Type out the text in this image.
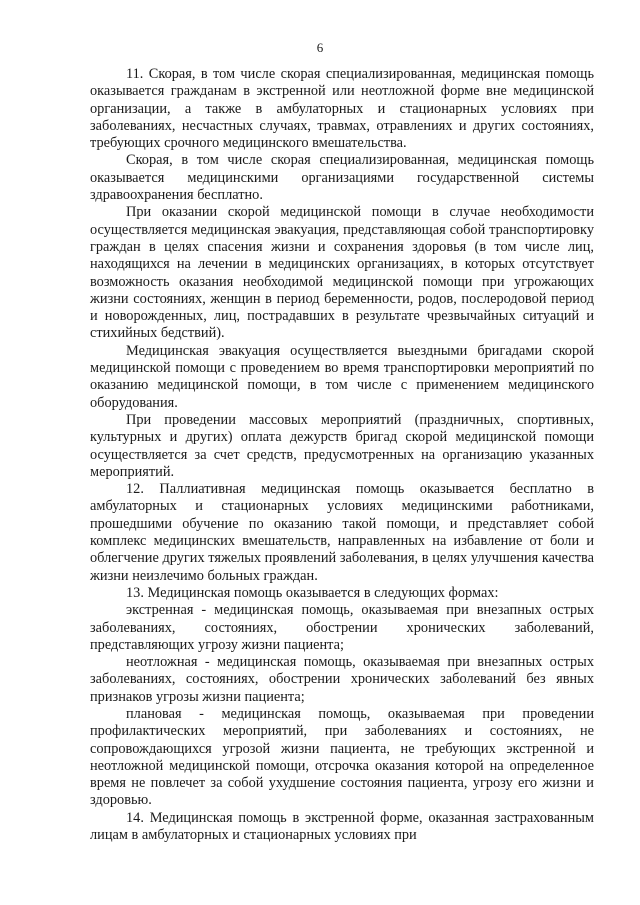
6

11. Скорая, в том числе скорая специализированная, медицинская помощь оказывается гражданам в экстренной или неотложной форме вне медицинской организации, а также в амбулаторных и стационарных условиях при заболеваниях, несчастных случаях, травмах, отравлениях и других состояниях, требующих срочного медицинского вмешательства.

Скорая, в том числе скорая специализированная, медицинская помощь оказывается медицинскими организациями государственной системы здравоохранения бесплатно.

При оказании скорой медицинской помощи в случае необходимости осуществляется медицинская эвакуация, представляющая собой транспортировку граждан в целях спасения жизни и сохранения здоровья (в том числе лиц, находящихся на лечении в медицинских организациях, в которых отсутствует возможность оказания необходимой медицинской помощи при угрожающих жизни состояниях, женщин в период беременности, родов, послеродовой период и новорожденных, лиц, пострадавших в результате чрезвычайных ситуаций и стихийных бедствий).

Медицинская эвакуация осуществляется выездными бригадами скорой медицинской помощи с проведением во время транспортировки мероприятий по оказанию медицинской помощи, в том числе с применением медицинского оборудования.

При проведении массовых мероприятий (праздничных, спортивных, культурных и других) оплата дежурств бригад скорой медицинской помощи осуществляется за счет средств, предусмотренных на организацию указанных мероприятий.

12. Паллиативная медицинская помощь оказывается бесплатно в амбулаторных и стационарных условиях медицинскими работниками, прошедшими обучение по оказанию такой помощи, и представляет собой комплекс медицинских вмешательств, направленных на избавление от боли и облегчение других тяжелых проявлений заболевания, в целях улучшения качества жизни неизлечимо больных граждан.

13. Медицинская помощь оказывается в следующих формах:

экстренная - медицинская помощь, оказываемая при внезапных острых заболеваниях, состояниях, обострении хронических заболеваний, представляющих угрозу жизни пациента;

неотложная - медицинская помощь, оказываемая при внезапных острых заболеваниях, состояниях, обострении хронических заболеваний без явных признаков угрозы жизни пациента;

плановая - медицинская помощь, оказываемая при проведении профилактических мероприятий, при заболеваниях и состояниях, не сопровождающихся угрозой жизни пациента, не требующих экстренной и неотложной медицинской помощи, отсрочка оказания которой на определенное время не повлечет за собой ухудшение состояния пациента, угрозу его жизни и здоровью.

14. Медицинская помощь в экстренной форме, оказанная застрахованным лицам в амбулаторных и стационарных условиях при
